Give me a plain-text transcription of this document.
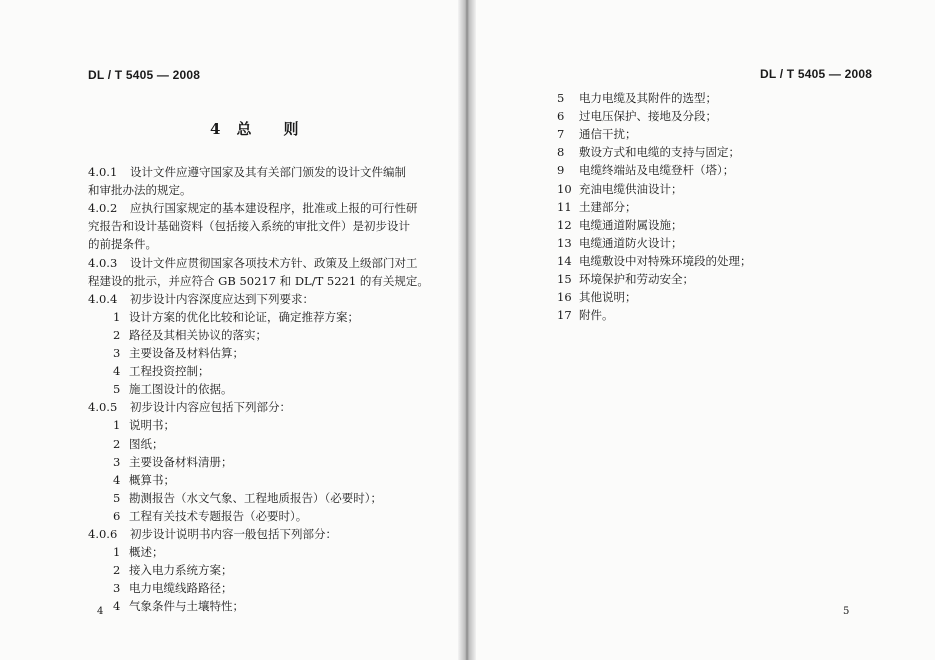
DL / T 5405 — 2008	DL / T 5405 — 2008
4 总 则
4.0.1 设计文件应遵守国家及其有关部门颁发的设计文件编制
和审批办法的规定。
4.0.2 应执行国家规定的基本建设程序，批准或上报的可行性研
究报告和设计基础资料（包括接入系统的审批文件）是初步设计
的前提条件。
4.0.3 设计文件应贯彻国家各项技术方针、政策及上级部门对工
程建设的批示，并应符合 GB 50217 和 DL/T 5221 的有关规定。
4.0.4 初步设计内容深度应达到下列要求：
1 设计方案的优化比较和论证，确定推荐方案；
2 路径及其相关协议的落实；
3 主要设备及材料估算；
4 工程投资控制；
5 施工图设计的依据。
4.0.5 初步设计内容应包括下列部分：
1 说明书；
2 图纸；
3 主要设备材料清册；
4 概算书；
5 勘测报告（水文气象、工程地质报告）（必要时）；
6 工程有关技术专题报告（必要时）。
4.0.6 初步设计说明书内容一般包括下列部分：
1 概述；
2 接入电力系统方案；
3 电力电缆线路路径；
4 气象条件与土壤特性；
5 电力电缆及其附件的选型；
6 过电压保护、接地及分段；
7 通信干扰；
8 敷设方式和电缆的支持与固定；
9 电缆终端站及电缆登杆（塔）；
10 充油电缆供油设计；
11 土建部分；
12 电缆通道附属设施；
13 电缆通道防火设计；
14 电缆敷设中对特殊环境段的处理；
15 环境保护和劳动安全；
16 其他说明；
17 附件。
4	5
